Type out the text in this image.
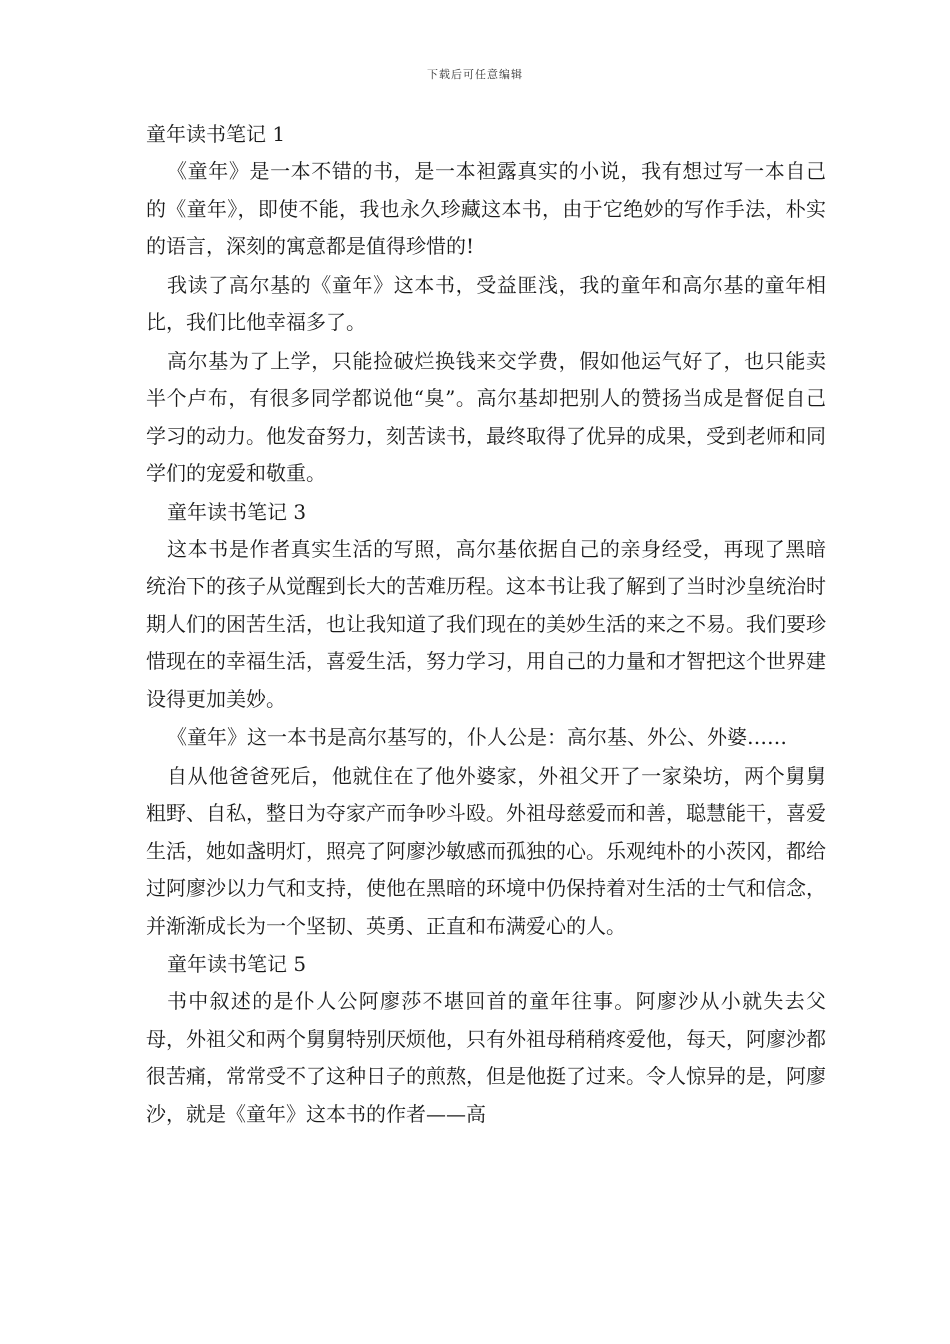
下载后可任意编辑
童年读书笔记 1

《童年》是一本不错的书，是一本袒露真实的小说，我有想过写一本自己的《童年》，即使不能，我也永久珍藏这本书，由于它绝妙的写作手法，朴实的语言，深刻的寓意都是值得珍惜的!

我读了高尔基的《童年》这本书，受益匪浅，我的童年和高尔基的童年相比，我们比他幸福多了。

高尔基为了上学，只能捡破烂换钱来交学费，假如他运气好了，也只能卖半个卢布，有很多同学都说他“臭”。高尔基却把别人的赞扬当成是督促自己学习的动力。他发奋努力，刻苦读书，最终取得了优异的成果，受到老师和同学们的宠爱和敬重。

童年读书笔记 3

这本书是作者真实生活的写照，高尔基依据自己的亲身经受，再现了黑暗统治下的孩子从觉醒到长大的苦难历程。这本书让我了解到了当时沙皇统治时期人们的困苦生活，也让我知道了我们现在的美妙生活的来之不易。我们要珍惜现在的幸福生活，喜爱生活，努力学习，用自己的力量和才智把这个世界建设得更加美妙。

《童年》这一本书是高尔基写的，仆人公是：高尔基、外公、外婆……

自从他爸爸死后，他就住在了他外婆家，外祖父开了一家染坊，两个舅舅粗野、自私，整日为夺家产而争吵斗殴。外祖母慈爱而和善，聪慧能干，喜爱生活，她如盏明灯，照亮了阿廖沙敏感而孤独的心。乐观纯朴的小茨冈，都给过阿廖沙以力气和支持，使他在黑暗的环境中仍保持着对生活的士气和信念，并渐渐成长为一个坚韧、英勇、正直和布满爱心的人。

童年读书笔记 5

书中叙述的是仆人公阿廖莎不堪回首的童年往事。阿廖沙从小就失去父母，外祖父和两个舅舅特别厌烦他，只有外祖母稍稍疼爱他，每天，阿廖沙都很苦痛，常常受不了这种日子的煎熬，但是他挺了过来。令人惊异的是，阿廖沙，就是《童年》这本书的作者——高
